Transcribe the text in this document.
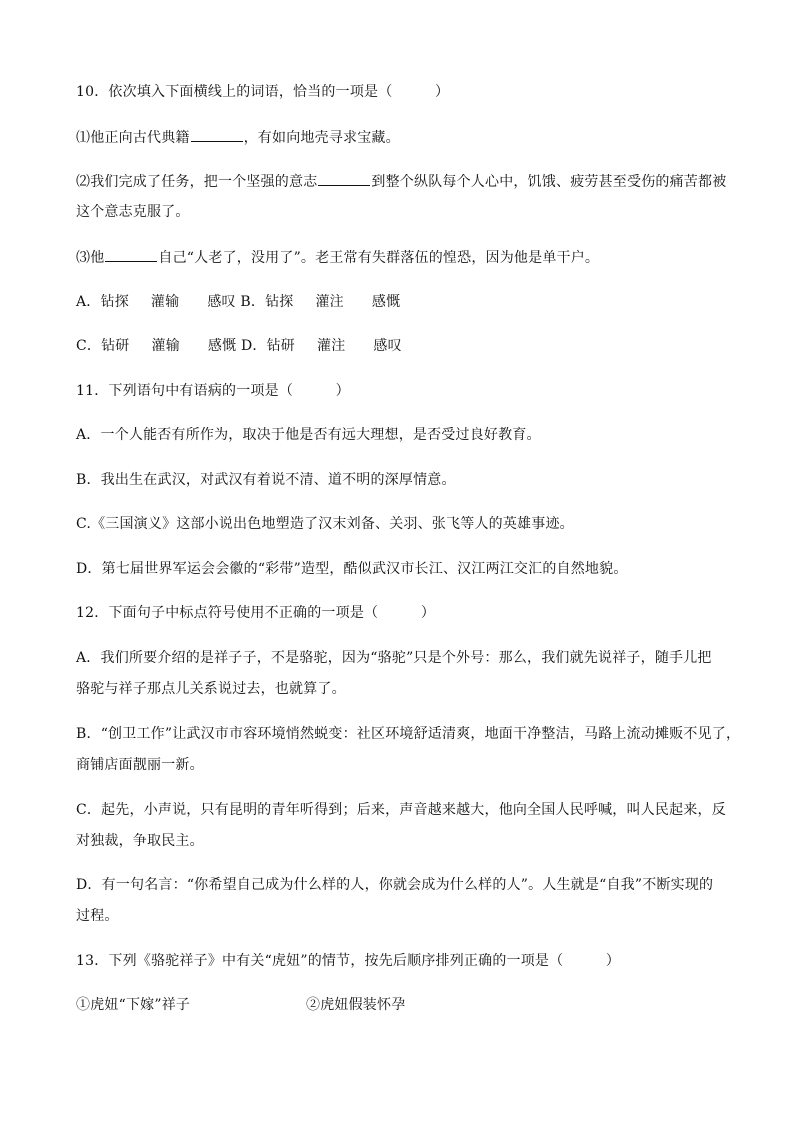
10．依次填入下面横线上的词语，恰当的一项是（　　　）
⑴他正向古代典籍	，有如向地壳寻求宝藏。
⑵我们完成了任务，把一个坚强的意志	到整个纵队每个人心中，饥饿、疲劳甚至受伤的痛苦都被
这个意志克服了。
⑶他	自己“人老了，没用了”。老王常有失群落伍的惶恐，因为他是单干户。
A．钻探 灌输 感叹 B．钻探 灌注 感慨
C．钻研 灌输 感慨 D．钻研 灌注 感叹
11．下列语句中有语病的一项是（　　　）
A．一个人能否有所作为，取决于他是否有远大理想，是否受过良好教育。
B．我出生在武汉，对武汉有着说不清、道不明的深厚情意。
C.《三国演义》这部小说出色地塑造了汉末刘备、关羽、张飞等人的英雄事迹。
D．第七届世界军运会会徽的“彩带”造型，酷似武汉市长江、汉江两江交汇的自然地貌。
12．下面句子中标点符号使用不正确的一项是（　　　）
A．我们所要介绍的是祥子子，不是骆驼，因为“骆驼”只是个外号：那么，我们就先说祥子，随手儿把
骆驼与祥子那点儿关系说过去，也就算了。
B．“创卫工作”让武汉市市容环境悄然蜕变：社区环境舒适清爽，地面干净整洁，马路上流动摊贩不见了，
商铺店面靓丽一新。
C．起先，小声说，只有昆明的青年听得到；后来，声音越来越大，他向全国人民呼喊，叫人民起来，反
对独裁，争取民主。
D．有一句名言：“你希望自己成为什么样的人，你就会成为什么样的人”。人生就是“自我”不断实现的
过程。
13．下列《骆驼祥子》中有关“虎妞”的情节，按先后顺序排列正确的一项是（　　　）
①虎妞“下嫁”祥子	②虎妞假装怀孕
